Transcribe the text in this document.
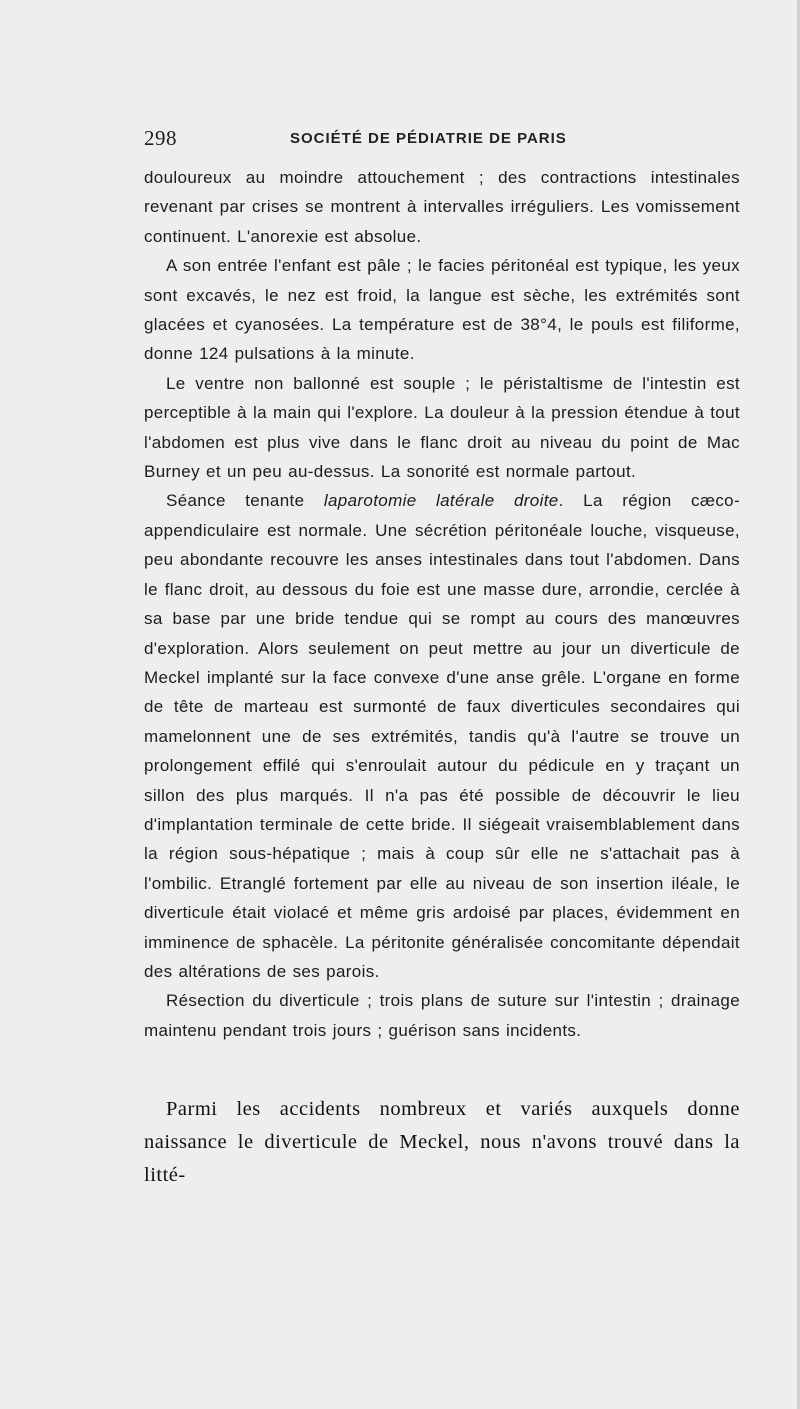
298	SOCIÉTÉ DE PÉDIATRIE DE PARIS

douloureux au moindre attouchement ; des contractions intestinales revenant par crises se montrent à intervalles irréguliers. Les vomissement continuent. L'anorexie est absolue.

A son entrée l'enfant est pâle ; le facies péritonéal est typique, les yeux sont excavés, le nez est froid, la langue est sèche, les extrémités sont glacées et cyanosées. La température est de 38°4, le pouls est filiforme, donne 124 pulsations à la minute.

Le ventre non ballonné est souple ; le péristaltisme de l'intestin est perceptible à la main qui l'explore. La douleur à la pression étendue à tout l'abdomen est plus vive dans le flanc droit au niveau du point de Mac Burney et un peu au-dessus. La sonorité est normale partout.

Séance tenante laparotomie latérale droite. La région cæco-appendiculaire est normale. Une sécrétion péritonéale louche, visqueuse, peu abondante recouvre les anses intestinales dans tout l'abdomen. Dans le flanc droit, au dessous du foie est une masse dure, arrondie, cerclée à sa base par une bride tendue qui se rompt au cours des manœuvres d'exploration. Alors seulement on peut mettre au jour un diverticule de Meckel implanté sur la face convexe d'une anse grêle. L'organe en forme de tête de marteau est surmonté de faux diverticules secondaires qui mamelonnent une de ses extrémités, tandis qu'à l'autre se trouve un prolongement effilé qui s'enroulait autour du pédicule en y traçant un sillon des plus marqués. Il n'a pas été possible de découvrir le lieu d'implantation terminale de cette bride. Il siégeait vraisemblablement dans la région sous-hépatique ; mais à coup sûr elle ne s'attachait pas à l'ombilic. Etranglé fortement par elle au niveau de son insertion iléale, le diverticule était violacé et même gris ardoisé par places, évidemment en imminence de sphacèle. La péritonite généralisée concomitante dépendait des altérations de ses parois.

Résection du diverticule ; trois plans de suture sur l'intestin ; drainage maintenu pendant trois jours ; guérison sans incidents.

Parmi les accidents nombreux et variés auxquels donne naissance le diverticule de Meckel, nous n'avons trouvé dans la litté-
